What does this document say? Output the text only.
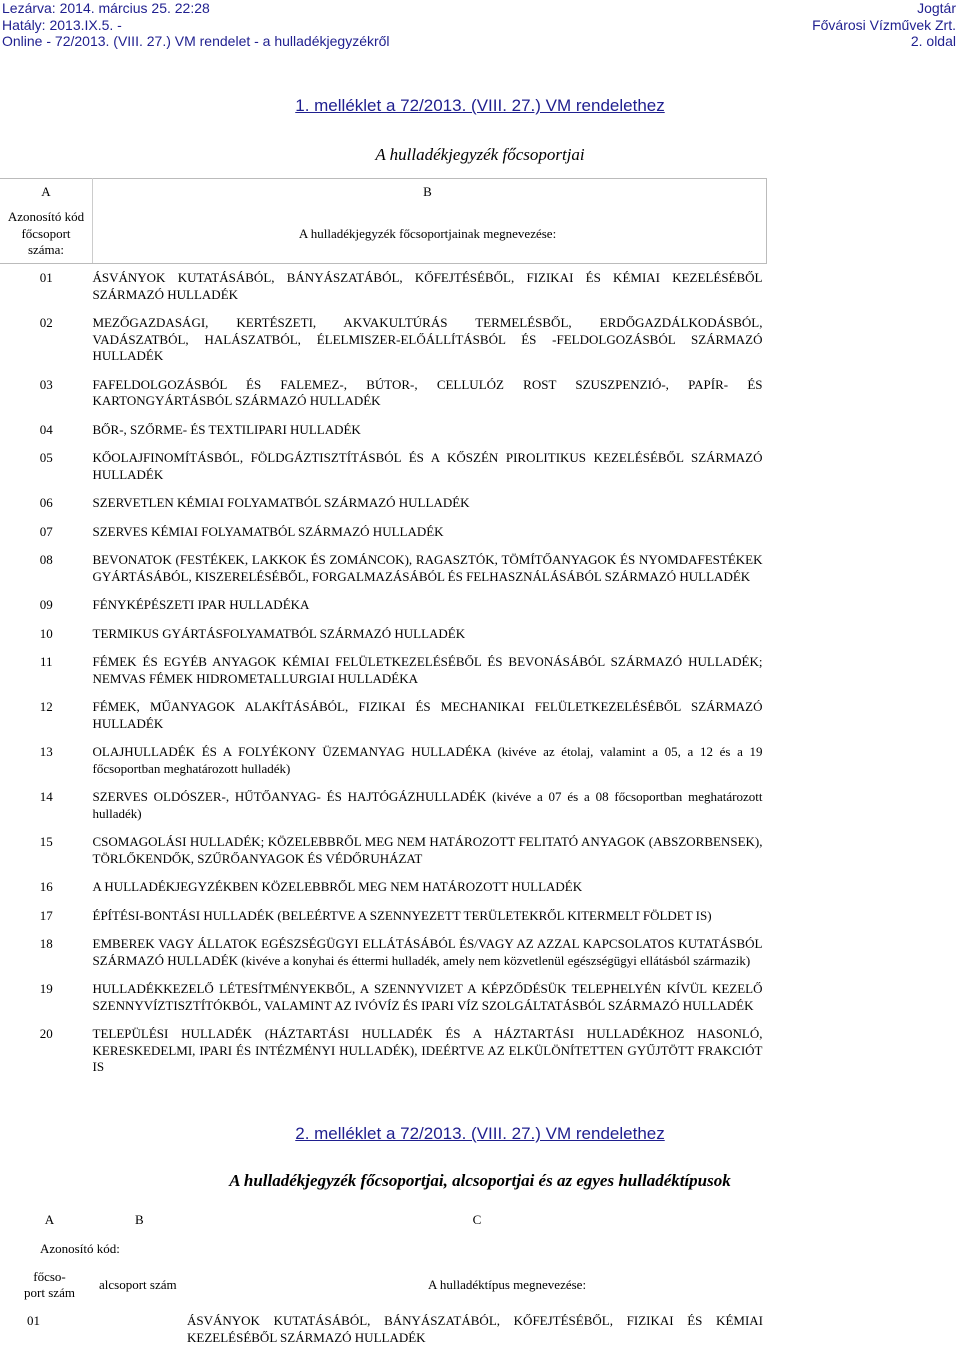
Lezárva: 2014. március 25. 22:28
Hatály: 2013.IX.5. -
Online - 72/2013. (VIII. 27.) VM rendelet - a hulladékjegyzékről
Jogtár
Fővárosi Vízművek Zrt.
2. oldal
1. melléklet a 72/2013. (VIII. 27.) VM rendelethez
A hulladékjegyzék főcsoportjai
A	B
Azonosító kód
főcsoport
száma:	A hulladékjegyzék főcsoportjainak megnevezése:
01	ÁSVÁNYOK KUTATÁSÁBÓL, BÁNYÁSZATÁBÓL, KŐFEJTÉSÉBŐL, FIZIKAI ÉS KÉMIAI KEZELÉSÉBŐL SZÁRMAZÓ HULLADÉK
02	MEZŐGAZDASÁGI, KERTÉSZETI, AKVAKULTÚRÁS TERMELÉSBŐL, ERDŐGAZDÁLKODÁSBÓL, VADÁSZATBÓL, HALÁSZATBÓL, ÉLELMISZER-ELŐÁLLÍTÁSBÓL ÉS -FELDOLGOZÁSBÓL SZÁRMAZÓ HULLADÉK
03	FAFELDOLGOZÁSBÓL ÉS FALEMEZ-, BÚTOR-, CELLULÓZ ROST SZUSZPENZIÓ-, PAPÍR- ÉS KARTONGYÁRTÁSBÓL SZÁRMAZÓ HULLADÉK
04	BŐR-, SZŐRME- ÉS TEXTILIPARI HULLADÉK
05	KŐOLAJFINOMÍTÁSBÓL, FÖLDGÁZTISZTÍTÁSBÓL ÉS A KŐSZÉN PIROLITIKUS KEZELÉSÉBŐL SZÁRMAZÓ HULLADÉK
06	SZERVETLEN KÉMIAI FOLYAMATBÓL SZÁRMAZÓ HULLADÉK
07	SZERVES KÉMIAI FOLYAMATBÓL SZÁRMAZÓ HULLADÉK
08	BEVONATOK (FESTÉKEK, LAKKOK ÉS ZOMÁNCOK), RAGASZTÓK, TÖMÍTŐANYAGOK ÉS NYOMDAFESTÉKEK GYÁRTÁSÁBÓL, KISZERELÉSÉBŐL, FORGALMAZÁSÁBÓL ÉS FELHASZNÁLÁSÁBÓL SZÁRMAZÓ HULLADÉK
09	FÉNYKÉPÉSZETI IPAR HULLADÉKA
10	TERMIKUS GYÁRTÁSFOLYAMATBÓL SZÁRMAZÓ HULLADÉK
11	FÉMEK ÉS EGYÉB ANYAGOK KÉMIAI FELÜLETKEZELÉSÉBŐL ÉS BEVONÁSÁBÓL SZÁRMAZÓ HULLADÉK; NEMVAS FÉMEK HIDROMETALLURGIAI HULLADÉKA
12	FÉMEK, MŰANYAGOK ALAKÍTÁSÁBÓL, FIZIKAI ÉS MECHANIKAI FELÜLETKEZELÉSÉBŐL SZÁRMAZÓ HULLADÉK
13	OLAJHULLADÉK ÉS A FOLYÉKONY ÜZEMANYAG HULLADÉKA (kivéve az étolaj, valamint a 05, a 12 és a 19 főcsoportban meghatározott hulladék)
14	SZERVES OLDÓSZER-, HŰTŐANYAG- ÉS HAJTÓGÁZHULLADÉK (kivéve a 07 és a 08 főcsoportban meghatározott hulladék)
15	CSOMAGOLÁSI HULLADÉK; KÖZELEBBRŐL MEG NEM HATÁROZOTT FELITATÓ ANYAGOK (ABSZORBENSEK), TÖRLŐKENDŐK, SZŰRŐANYAGOK ÉS VÉDŐRUHÁZAT
16	A HULLADÉKJEGYZÉKBEN KÖZELEBBRŐL MEG NEM HATÁROZOTT HULLADÉK
17	ÉPÍTÉSI-BONTÁSI HULLADÉK (BELEÉRTVE A SZENNYEZETT TERÜLETEKRŐL KITERMELT FÖLDET IS)
18	EMBEREK VAGY ÁLLATOK EGÉSZSÉGÜGYI ELLÁTÁSÁBÓL ÉS/VAGY AZ AZZAL KAPCSOLATOS KUTATÁSBÓL SZÁRMAZÓ HULLADÉK (kivéve a konyhai és éttermi hulladék, amely nem közvetlenül egészségügyi ellátásból származik)
19	HULLADÉKKEZELŐ LÉTESÍTMÉNYEKBŐL, A SZENNYVIZET A KÉPZŐDÉSÜK TELEPHELYÉN KÍVÜL KEZELŐ SZENNYVÍZTISZTÍTÓKBÓL, VALAMINT AZ IVÓVÍZ ÉS IPARI VÍZ SZOLGÁLTATÁSBÓL SZÁRMAZÓ HULLADÉK
20	TELEPÜLÉSI HULLADÉK (HÁZTARTÁSI HULLADÉK ÉS A HÁZTARTÁSI HULLADÉKHOZ HASONLÓ, KERESKEDELMI, IPARI ÉS INTÉZMÉNYI HULLADÉK), IDEÉRTVE AZ ELKÜLÖNÍTETTEN GYŰJTÖTT FRAKCIÓT IS
2. melléklet a 72/2013. (VIII. 27.) VM rendelethez
A hulladékjegyzék főcsoportjai, alcsoportjai és az egyes hulladéktípusok
A	B	C
Azonosító kód:		
főcso-
port szám	alcsoport szám	A hulladéktípus megnevezése:
01		ÁSVÁNYOK KUTATÁSÁBÓL, BÁNYÁSZATÁBÓL, KŐFEJTÉSÉBŐL, FIZIKAI ÉS KÉMIAI KEZELÉSÉBŐL SZÁRMAZÓ HULLADÉK
